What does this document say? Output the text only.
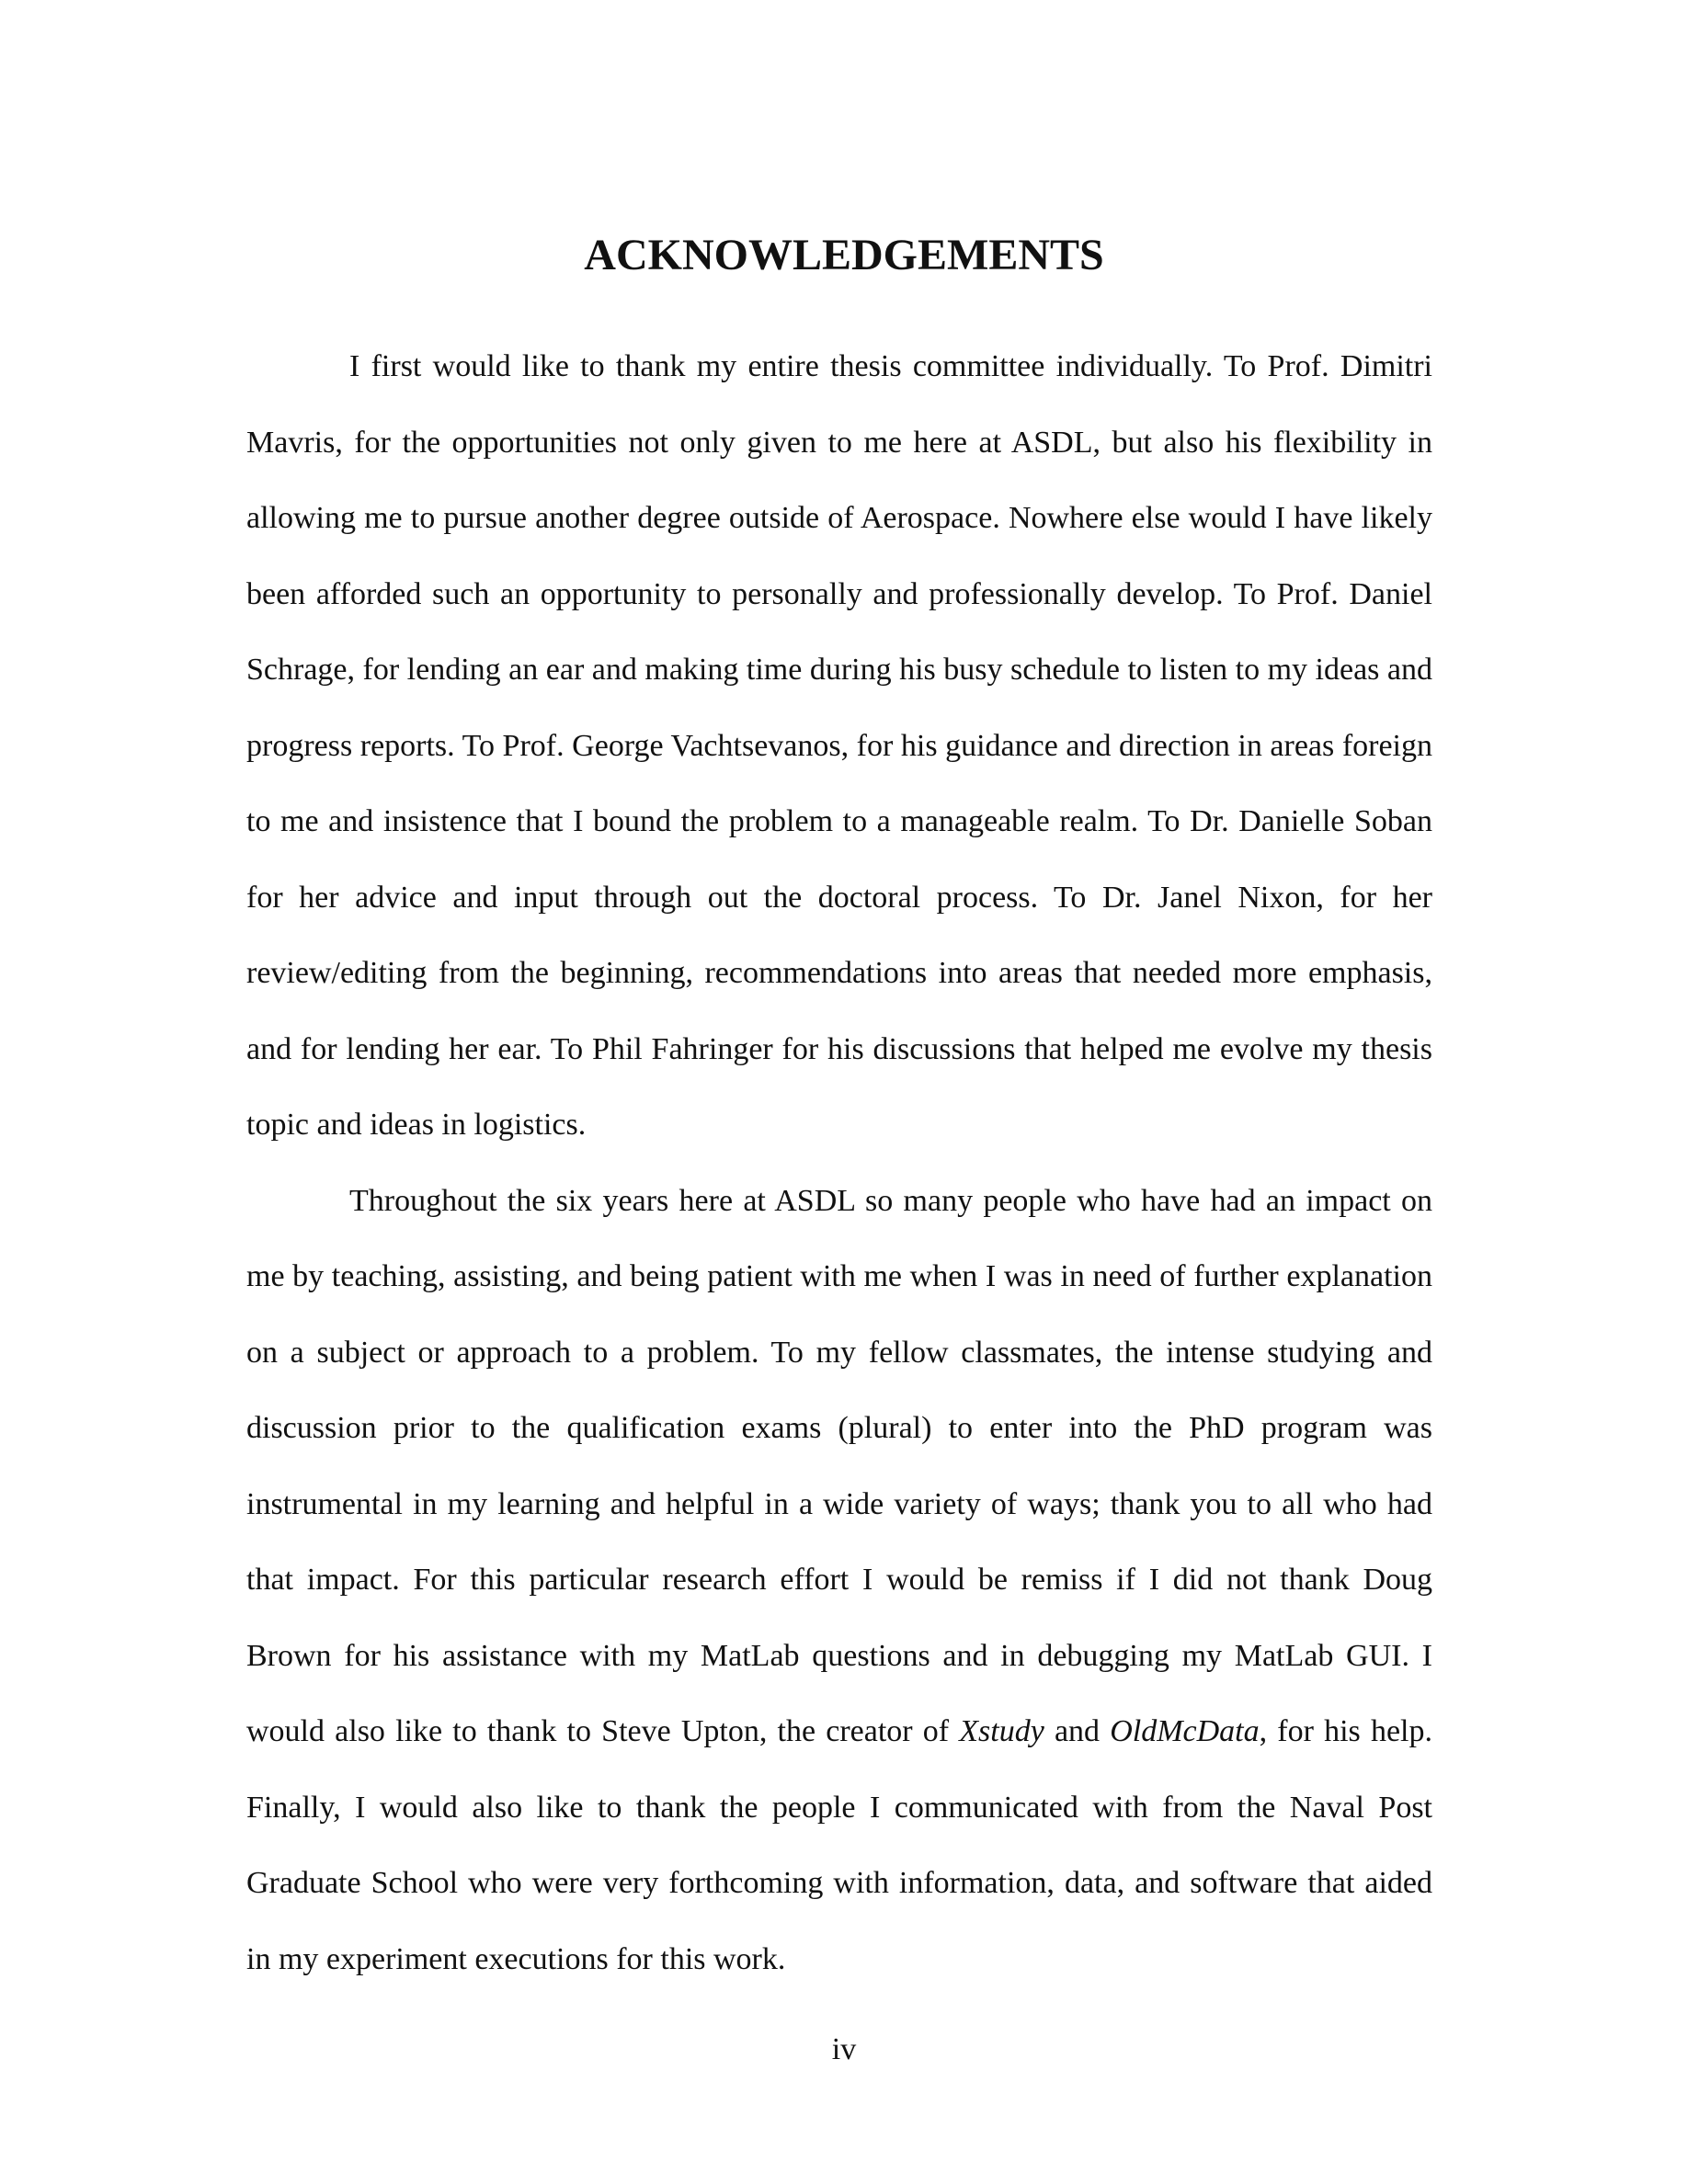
ACKNOWLEDGEMENTS

I first would like to thank my entire thesis committee individually. To Prof. Dimitri Mavris, for the opportunities not only given to me here at ASDL, but also his flexibility in allowing me to pursue another degree outside of Aerospace. Nowhere else would I have likely been afforded such an opportunity to personally and professionally develop. To Prof. Daniel Schrage, for lending an ear and making time during his busy schedule to listen to my ideas and progress reports. To Prof. George Vachtsevanos, for his guidance and direction in areas foreign to me and insistence that I bound the problem to a manageable realm. To Dr. Danielle Soban for her advice and input through out the doctoral process. To Dr. Janel Nixon, for her review/editing from the beginning, recommendations into areas that needed more emphasis, and for lending her ear. To Phil Fahringer for his discussions that helped me evolve my thesis topic and ideas in logistics.

Throughout the six years here at ASDL so many people who have had an impact on me by teaching, assisting, and being patient with me when I was in need of further explanation on a subject or approach to a problem. To my fellow classmates, the intense studying and discussion prior to the qualification exams (plural) to enter into the PhD program was instrumental in my learning and helpful in a wide variety of ways; thank you to all who had that impact. For this particular research effort I would be remiss if I did not thank Doug Brown for his assistance with my MatLab questions and in debugging my MatLab GUI. I would also like to thank to Steve Upton, the creator of Xstudy and OldMcData, for his help. Finally, I would also like to thank the people I communicated with from the Naval Post Graduate School who were very forthcoming with information, data, and software that aided in my experiment executions for this work.

iv
